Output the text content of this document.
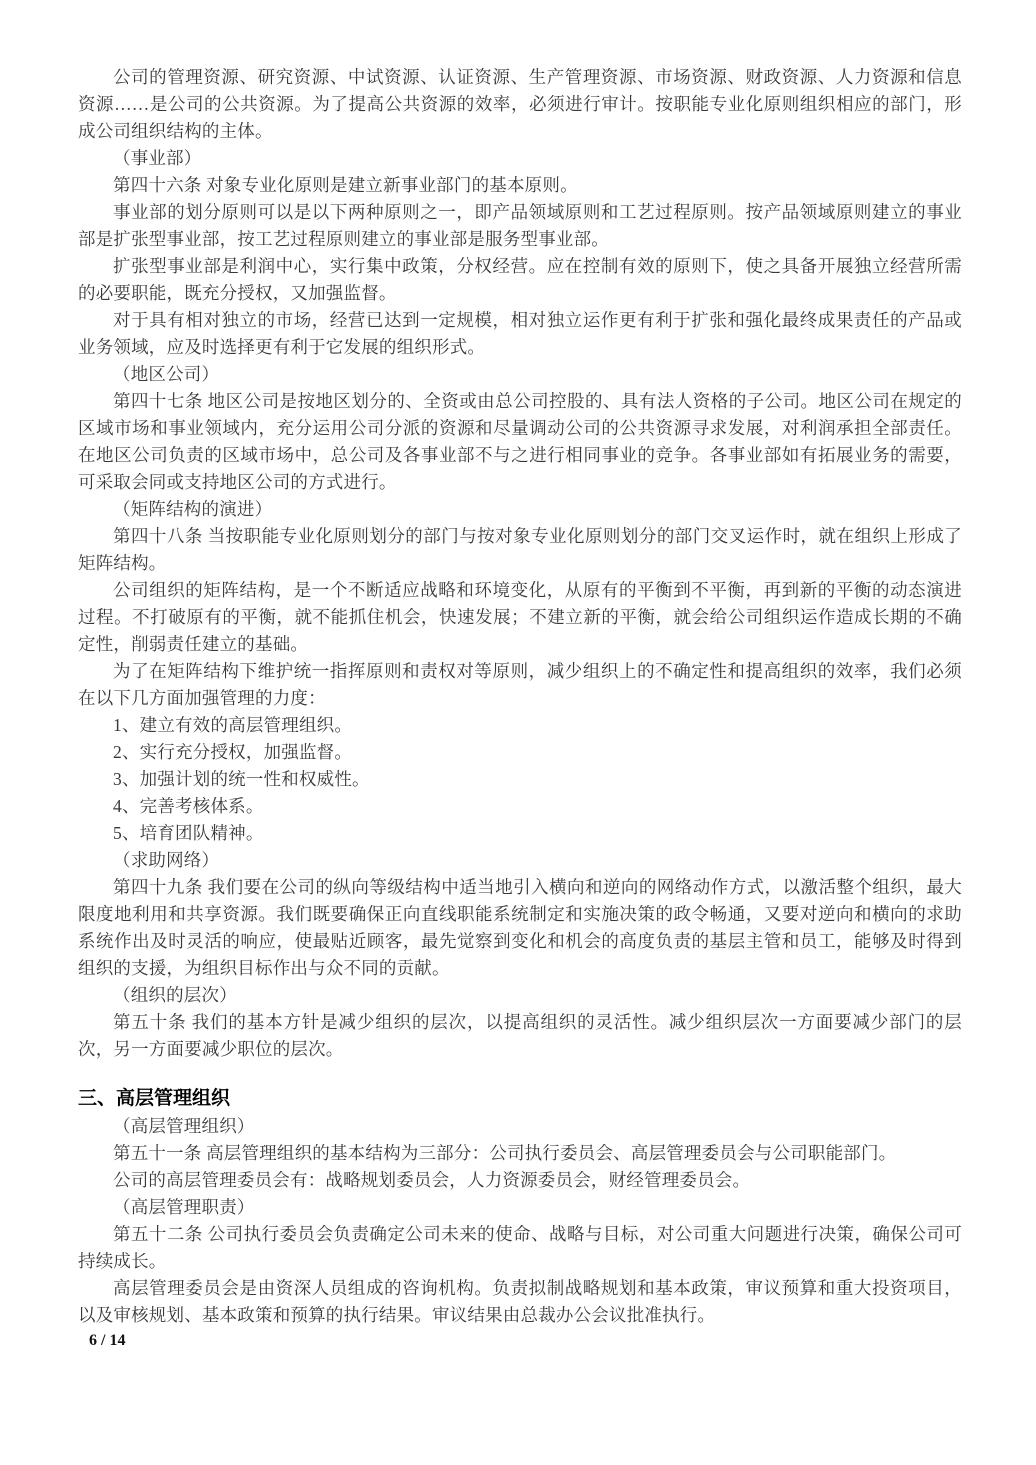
公司的管理资源、研究资源、中试资源、认证资源、生产管理资源、市场资源、财政资源、人力资源和信息资源……是公司的公共资源。为了提高公共资源的效率，必须进行审计。按职能专业化原则组织相应的部门，形成公司组织结构的主体。

（事业部）

第四十六条 对象专业化原则是建立新事业部门的基本原则。

事业部的划分原则可以是以下两种原则之一，即产品领域原则和工艺过程原则。按产品领域原则建立的事业部是扩张型事业部，按工艺过程原则建立的事业部是服务型事业部。

扩张型事业部是利润中心，实行集中政策，分权经营。应在控制有效的原则下，使之具备开展独立经营所需的必要职能，既充分授权，又加强监督。

对于具有相对独立的市场，经营已达到一定规模，相对独立运作更有利于扩张和强化最终成果责任的产品或业务领域，应及时选择更有利于它发展的组织形式。

（地区公司）

第四十七条 地区公司是按地区划分的、全资或由总公司控股的、具有法人资格的子公司。地区公司在规定的区域市场和事业领域内，充分运用公司分派的资源和尽量调动公司的公共资源寻求发展，对利润承担全部责任。在地区公司负责的区域市场中，总公司及各事业部不与之进行相同事业的竞争。各事业部如有拓展业务的需要，可采取会同或支持地区公司的方式进行。

（矩阵结构的演进）

第四十八条 当按职能专业化原则划分的部门与按对象专业化原则划分的部门交叉运作时，就在组织上形成了矩阵结构。

公司组织的矩阵结构，是一个不断适应战略和环境变化，从原有的平衡到不平衡，再到新的平衡的动态演进过程。不打破原有的平衡，就不能抓住机会，快速发展；不建立新的平衡，就会给公司组织运作造成长期的不确定性，削弱责任建立的基础。

为了在矩阵结构下维护统一指挥原则和责权对等原则，减少组织上的不确定性和提高组织的效率，我们必须在以下几方面加强管理的力度：

1、建立有效的高层管理组织。

2、实行充分授权，加强监督。

3、加强计划的统一性和权威性。

4、完善考核体系。

5、培育团队精神。

（求助网络）

第四十九条 我们要在公司的纵向等级结构中适当地引入横向和逆向的网络动作方式，以激活整个组织，最大限度地利用和共享资源。我们既要确保正向直线职能系统制定和实施决策的政令畅通，又要对逆向和横向的求助系统作出及时灵活的响应，使最贴近顾客，最先觉察到变化和机会的高度负责的基层主管和员工，能够及时得到组织的支援，为组织目标作出与众不同的贡献。

（组织的层次）

第五十条 我们的基本方针是减少组织的层次，以提高组织的灵活性。减少组织层次一方面要减少部门的层次，另一方面要减少职位的层次。

三、高层管理组织

（高层管理组织）

第五十一条 高层管理组织的基本结构为三部分：公司执行委员会、高层管理委员会与公司职能部门。

公司的高层管理委员会有：战略规划委员会，人力资源委员会，财经管理委员会。

（高层管理职责）

第五十二条 公司执行委员会负责确定公司未来的使命、战略与目标，对公司重大问题进行决策，确保公司可持续成长。

高层管理委员会是由资深人员组成的咨询机构。负责拟制战略规划和基本政策，审议预算和重大投资项目，以及审核规划、基本政策和预算的执行结果。审议结果由总裁办公会议批准执行。

6 / 14
